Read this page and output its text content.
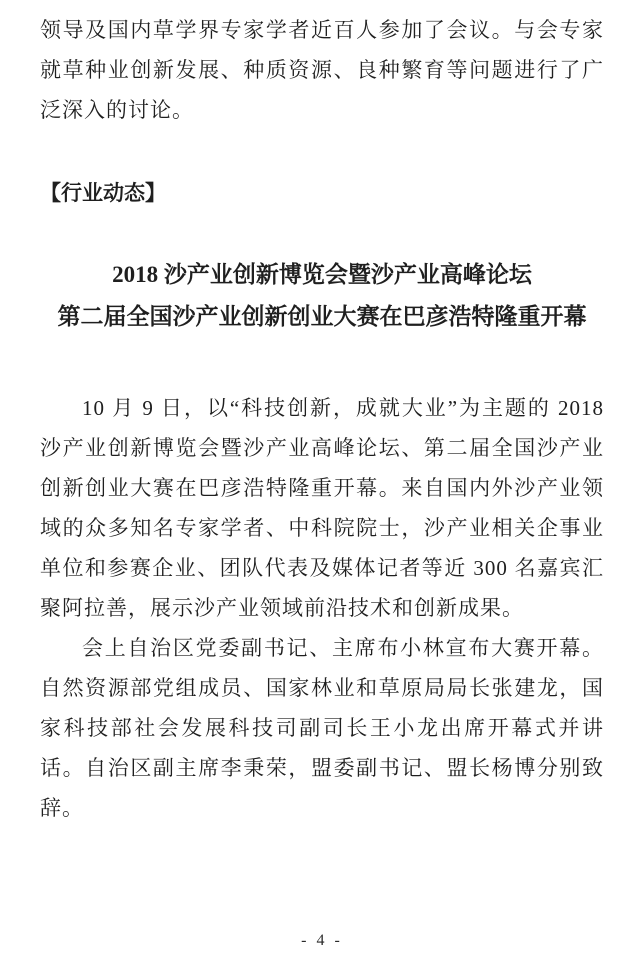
领导及国内草学界专家学者近百人参加了会议。与会专家就草种业创新发展、种质资源、良种繁育等问题进行了广泛深入的讨论。

【行业动态】
2018 沙产业创新博览会暨沙产业高峰论坛
第二届全国沙产业创新创业大赛在巴彦浩特隆重开幕

10 月 9 日，以“科技创新，成就大业”为主题的 2018 沙产业创新博览会暨沙产业高峰论坛、第二届全国沙产业创新创业大赛在巴彦浩特隆重开幕。来自国内外沙产业领域的众多知名专家学者、中科院院士，沙产业相关企事业单位和参赛企业、团队代表及媒体记者等近 300 名嘉宾汇聚阿拉善，展示沙产业领域前沿技术和创新成果。

会上自治区党委副书记、主席布小林宣布大赛开幕。自然资源部党组成员、国家林业和草原局局长张建龙，国家科技部社会发展科技司副司长王小龙出席开幕式并讲话。自治区副主席李秉荣，盟委副书记、盟长杨博分别致辞。

- 4 -
